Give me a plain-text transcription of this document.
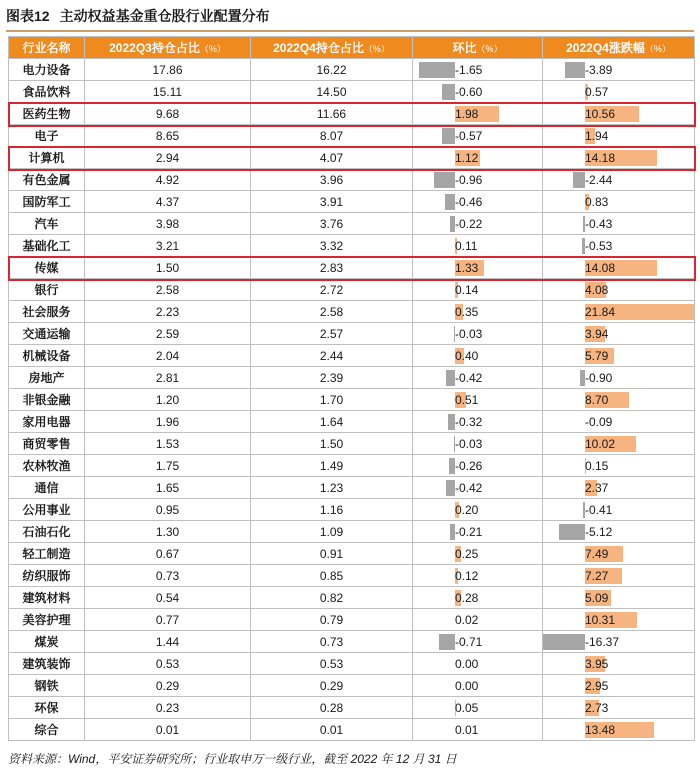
图表12 主动权益基金重仓股行业配置分布
行业名称	2022Q3持仓占比（%）	2022Q4持仓占比（%）	环比（%）	2022Q4涨跌幅（%）
电力设备	17.86	16.22	-1.65	-3.89
食品饮料	15.11	14.50	-0.60	0.57
医药生物	9.68	11.66	1.98	10.56
电子	8.65	8.07	-0.57	1.94
计算机	2.94	4.07	1.12	14.18
有色金属	4.92	3.96	-0.96	-2.44
国防军工	4.37	3.91	-0.46	0.83
汽车	3.98	3.76	-0.22	-0.43
基础化工	3.21	3.32	0.11	-0.53
传媒	1.50	2.83	1.33	14.08
银行	2.58	2.72	0.14	4.08
社会服务	2.23	2.58	0.35	21.84
交通运输	2.59	2.57	-0.03	3.94
机械设备	2.04	2.44	0.40	5.79
房地产	2.81	2.39	-0.42	-0.90
非银金融	1.20	1.70	0.51	8.70
家用电器	1.96	1.64	-0.32	-0.09
商贸零售	1.53	1.50	-0.03	10.02
农林牧渔	1.75	1.49	-0.26	0.15
通信	1.65	1.23	-0.42	2.37
公用事业	0.95	1.16	0.20	-0.41
石油石化	1.30	1.09	-0.21	-5.12
轻工制造	0.67	0.91	0.25	7.49
纺织服饰	0.73	0.85	0.12	7.27
建筑材料	0.54	0.82	0.28	5.09
美容护理	0.77	0.79	0.02	10.31
煤炭	1.44	0.73	-0.71	-16.37
建筑装饰	0.53	0.53	0.00	3.95
钢铁	0.29	0.29	0.00	2.95
环保	0.23	0.28	0.05	2.73
综合	0.01	0.01	0.01	13.48
资料来源：Wind，平安证券研究所；行业取申万一级行业，截至 2022 年 12 月 31 日
